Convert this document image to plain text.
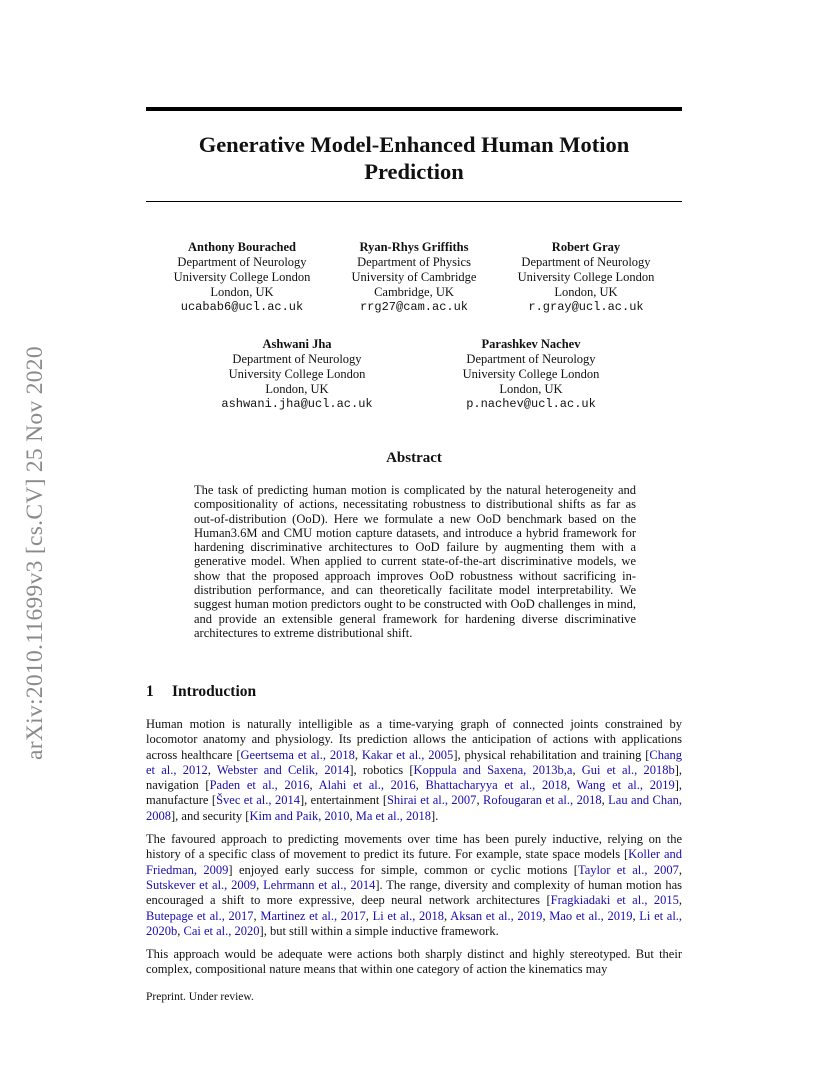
Generative Model-Enhanced Human Motion
Prediction
arXiv:2010.11699v3 [cs.CV] 25 Nov 2020
Anthony Bourached
Department of Neurology
University College London
London, UK
ucabab6@ucl.ac.uk
Ryan-Rhys Griffiths
Department of Physics
University of Cambridge
Cambridge, UK
rrg27@cam.ac.uk
Robert Gray
Department of Neurology
University College London
London, UK
r.gray@ucl.ac.uk
Ashwani Jha
Department of Neurology
University College London
London, UK
ashwani.jha@ucl.ac.uk
Parashkev Nachev
Department of Neurology
University College London
London, UK
p.nachev@ucl.ac.uk
Abstract
The task of predicting human motion is complicated by the natural heterogeneity and compositionality of actions, necessitating robustness to distributional shifts as far as out-of-distribution (OoD). Here we formulate a new OoD benchmark based on the Human3.6M and CMU motion capture datasets, and introduce a hybrid framework for hardening discriminative architectures to OoD failure by augmenting them with a generative model. When applied to current state-of-the-art discriminative models, we show that the proposed approach improves OoD robustness without sacrificing in-distribution performance, and can theoretically facilitate model interpretability. We suggest human motion predictors ought to be constructed with OoD challenges in mind, and provide an extensible general framework for hardening diverse discriminative architectures to extreme distributional shift.
1 Introduction

Human motion is naturally intelligible as a time-varying graph of connected joints constrained by locomotor anatomy and physiology. Its prediction allows the anticipation of actions with applications across healthcare [Geertsema et al., 2018, Kakar et al., 2005], physical rehabilitation and training [Chang et al., 2012, Webster and Celik, 2014], robotics [Koppula and Saxena, 2013b,a, Gui et al., 2018b], navigation [Paden et al., 2016, Alahi et al., 2016, Bhattacharyya et al., 2018, Wang et al., 2019], manufacture [Švec et al., 2014], entertainment [Shirai et al., 2007, Rofougaran et al., 2018, Lau and Chan, 2008], and security [Kim and Paik, 2010, Ma et al., 2018].

The favoured approach to predicting movements over time has been purely inductive, relying on the history of a specific class of movement to predict its future. For example, state space models [Koller and Friedman, 2009] enjoyed early success for simple, common or cyclic motions [Taylor et al., 2007, Sutskever et al., 2009, Lehrmann et al., 2014]. The range, diversity and complexity of human motion has encouraged a shift to more expressive, deep neural network architectures [Fragkiadaki et al., 2015, Butepage et al., 2017, Martinez et al., 2017, Li et al., 2018, Aksan et al., 2019, Mao et al., 2019, Li et al., 2020b, Cai et al., 2020], but still within a simple inductive framework.

This approach would be adequate were actions both sharply distinct and highly stereotyped. But their complex, compositional nature means that within one category of action the kinematics may

Preprint. Under review.
